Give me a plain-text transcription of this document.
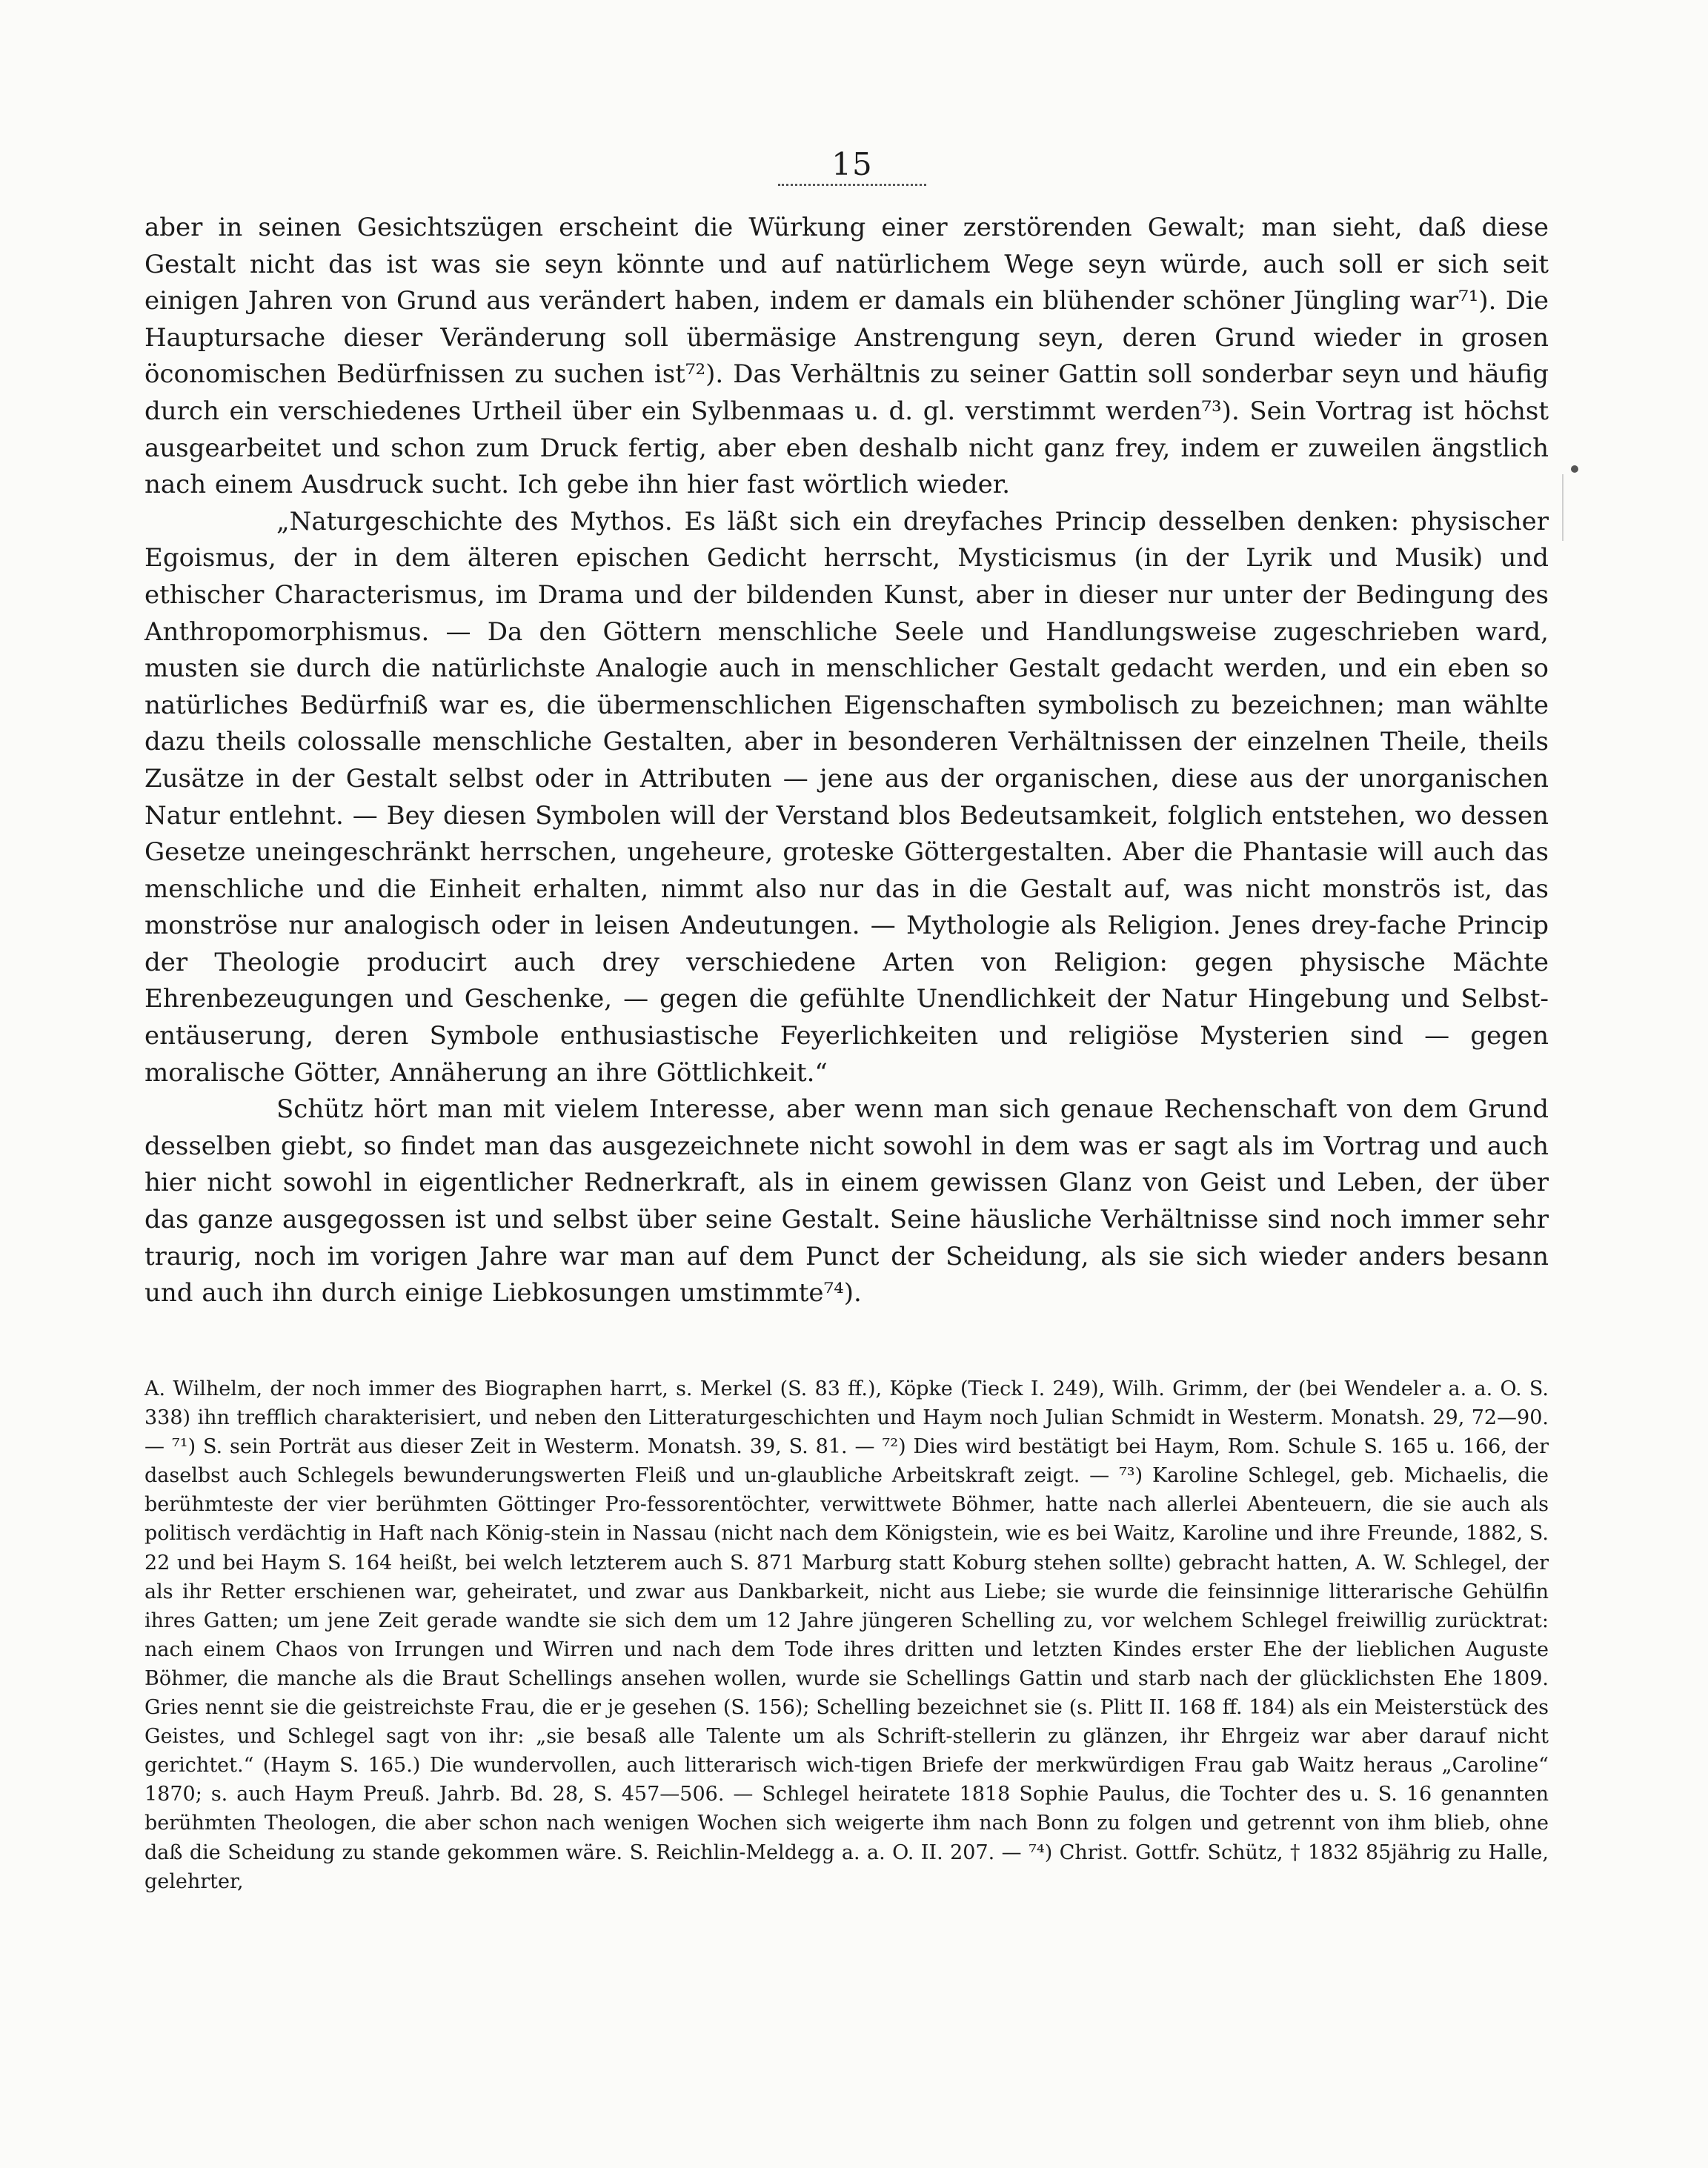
15

aber in seinen Gesichtszügen erscheint die Würkung einer zerstörenden Gewalt; man sieht, daß diese Gestalt nicht das ist was sie seyn könnte und auf natürlichem Wege seyn würde, auch soll er sich seit einigen Jahren von Grund aus verändert haben, indem er damals ein blühender schöner Jüngling war⁷¹). Die Hauptursache dieser Veränderung soll übermäsige Anstrengung seyn, deren Grund wieder in grosen öconomischen Bedürfnissen zu suchen ist⁷²). Das Verhältnis zu seiner Gattin soll sonderbar seyn und häufig durch ein verschiedenes Urtheil über ein Sylbenmaas u. d. gl. verstimmt werden⁷³). Sein Vortrag ist höchst ausgearbeitet und schon zum Druck fertig, aber eben deshalb nicht ganz frey, indem er zuweilen ängstlich nach einem Ausdruck sucht. Ich gebe ihn hier fast wörtlich wieder.

„Naturgeschichte des Mythos. Es läßt sich ein dreyfaches Princip desselben denken: physischer Egoismus, der in dem älteren epischen Gedicht herrscht, Mysticismus (in der Lyrik und Musik) und ethischer Characterismus, im Drama und der bildenden Kunst, aber in dieser nur unter der Bedingung des Anthropomorphismus. — Da den Göttern menschliche Seele und Handlungsweise zugeschrieben ward, musten sie durch die natürlichste Analogie auch in menschlicher Gestalt gedacht werden, und ein eben so natürliches Bedürfniß war es, die übermenschlichen Eigenschaften symbolisch zu bezeichnen; man wählte dazu theils colossalle menschliche Gestalten, aber in besonderen Verhältnissen der einzelnen Theile, theils Zusätze in der Gestalt selbst oder in Attributen — jene aus der organischen, diese aus der unorganischen Natur entlehnt. — Bey diesen Symbolen will der Verstand blos Bedeutsamkeit, folglich entstehen, wo dessen Gesetze uneingeschränkt herrschen, ungeheure, groteske Göttergestalten. Aber die Phantasie will auch das menschliche und die Einheit erhalten, nimmt also nur das in die Gestalt auf, was nicht monströs ist, das monströse nur analogisch oder in leisen Andeutungen. — Mythologie als Religion. Jenes drey-fache Princip der Theologie producirt auch drey verschiedene Arten von Religion: gegen physische Mächte Ehrenbezeugungen und Geschenke, — gegen die gefühlte Unendlichkeit der Natur Hingebung und Selbst-entäuserung, deren Symbole enthusiastische Feyerlichkeiten und religiöse Mysterien sind — gegen moralische Götter, Annäherung an ihre Göttlichkeit.“

Schütz hört man mit vielem Interesse, aber wenn man sich genaue Rechenschaft von dem Grund desselben giebt, so findet man das ausgezeichnete nicht sowohl in dem was er sagt als im Vortrag und auch hier nicht sowohl in eigentlicher Rednerkraft, als in einem gewissen Glanz von Geist und Leben, der über das ganze ausgegossen ist und selbst über seine Gestalt. Seine häusliche Verhältnisse sind noch immer sehr traurig, noch im vorigen Jahre war man auf dem Punct der Scheidung, als sie sich wieder anders besann und auch ihn durch einige Liebkosungen umstimmte⁷⁴).

A. Wilhelm, der noch immer des Biographen harrt, s. Merkel (S. 83 ff.), Köpke (Tieck I. 249), Wilh. Grimm, der (bei Wendeler a. a. O. S. 338) ihn trefflich charakterisiert, und neben den Litteraturgeschichten und Haym noch Julian Schmidt in Westerm. Monatsh. 29, 72—90. — ⁷¹) S. sein Porträt aus dieser Zeit in Westerm. Monatsh. 39, S. 81. — ⁷²) Dies wird bestätigt bei Haym, Rom. Schule S. 165 u. 166, der daselbst auch Schlegels bewunderungswerten Fleiß und un-glaubliche Arbeitskraft zeigt. — ⁷³) Karoline Schlegel, geb. Michaelis, die berühmteste der vier berühmten Göttinger Pro-fessorentöchter, verwittwete Böhmer, hatte nach allerlei Abenteuern, die sie auch als politisch verdächtig in Haft nach König-stein in Nassau (nicht nach dem Königstein, wie es bei Waitz, Karoline und ihre Freunde, 1882, S. 22 und bei Haym S. 164 heißt, bei welch letzterem auch S. 871 Marburg statt Koburg stehen sollte) gebracht hatten, A. W. Schlegel, der als ihr Retter erschienen war, geheiratet, und zwar aus Dankbarkeit, nicht aus Liebe; sie wurde die feinsinnige litterarische Gehülfin ihres Gatten; um jene Zeit gerade wandte sie sich dem um 12 Jahre jüngeren Schelling zu, vor welchem Schlegel freiwillig zurücktrat: nach einem Chaos von Irrungen und Wirren und nach dem Tode ihres dritten und letzten Kindes erster Ehe der lieblichen Auguste Böhmer, die manche als die Braut Schellings ansehen wollen, wurde sie Schellings Gattin und starb nach der glücklichsten Ehe 1809. Gries nennt sie die geistreichste Frau, die er je gesehen (S. 156); Schelling bezeichnet sie (s. Plitt II. 168 ff. 184) als ein Meisterstück des Geistes, und Schlegel sagt von ihr: „sie besaß alle Talente um als Schrift-stellerin zu glänzen, ihr Ehrgeiz war aber darauf nicht gerichtet.“ (Haym S. 165.) Die wundervollen, auch litterarisch wich-tigen Briefe der merkwürdigen Frau gab Waitz heraus „Caroline“ 1870; s. auch Haym Preuß. Jahrb. Bd. 28, S. 457—506. — Schlegel heiratete 1818 Sophie Paulus, die Tochter des u. S. 16 genannten berühmten Theologen, die aber schon nach wenigen Wochen sich weigerte ihm nach Bonn zu folgen und getrennt von ihm blieb, ohne daß die Scheidung zu stande gekommen wäre. S. Reichlin-Meldegg a. a. O. II. 207. — ⁷⁴) Christ. Gottfr. Schütz, † 1832 85jährig zu Halle, gelehrter,
